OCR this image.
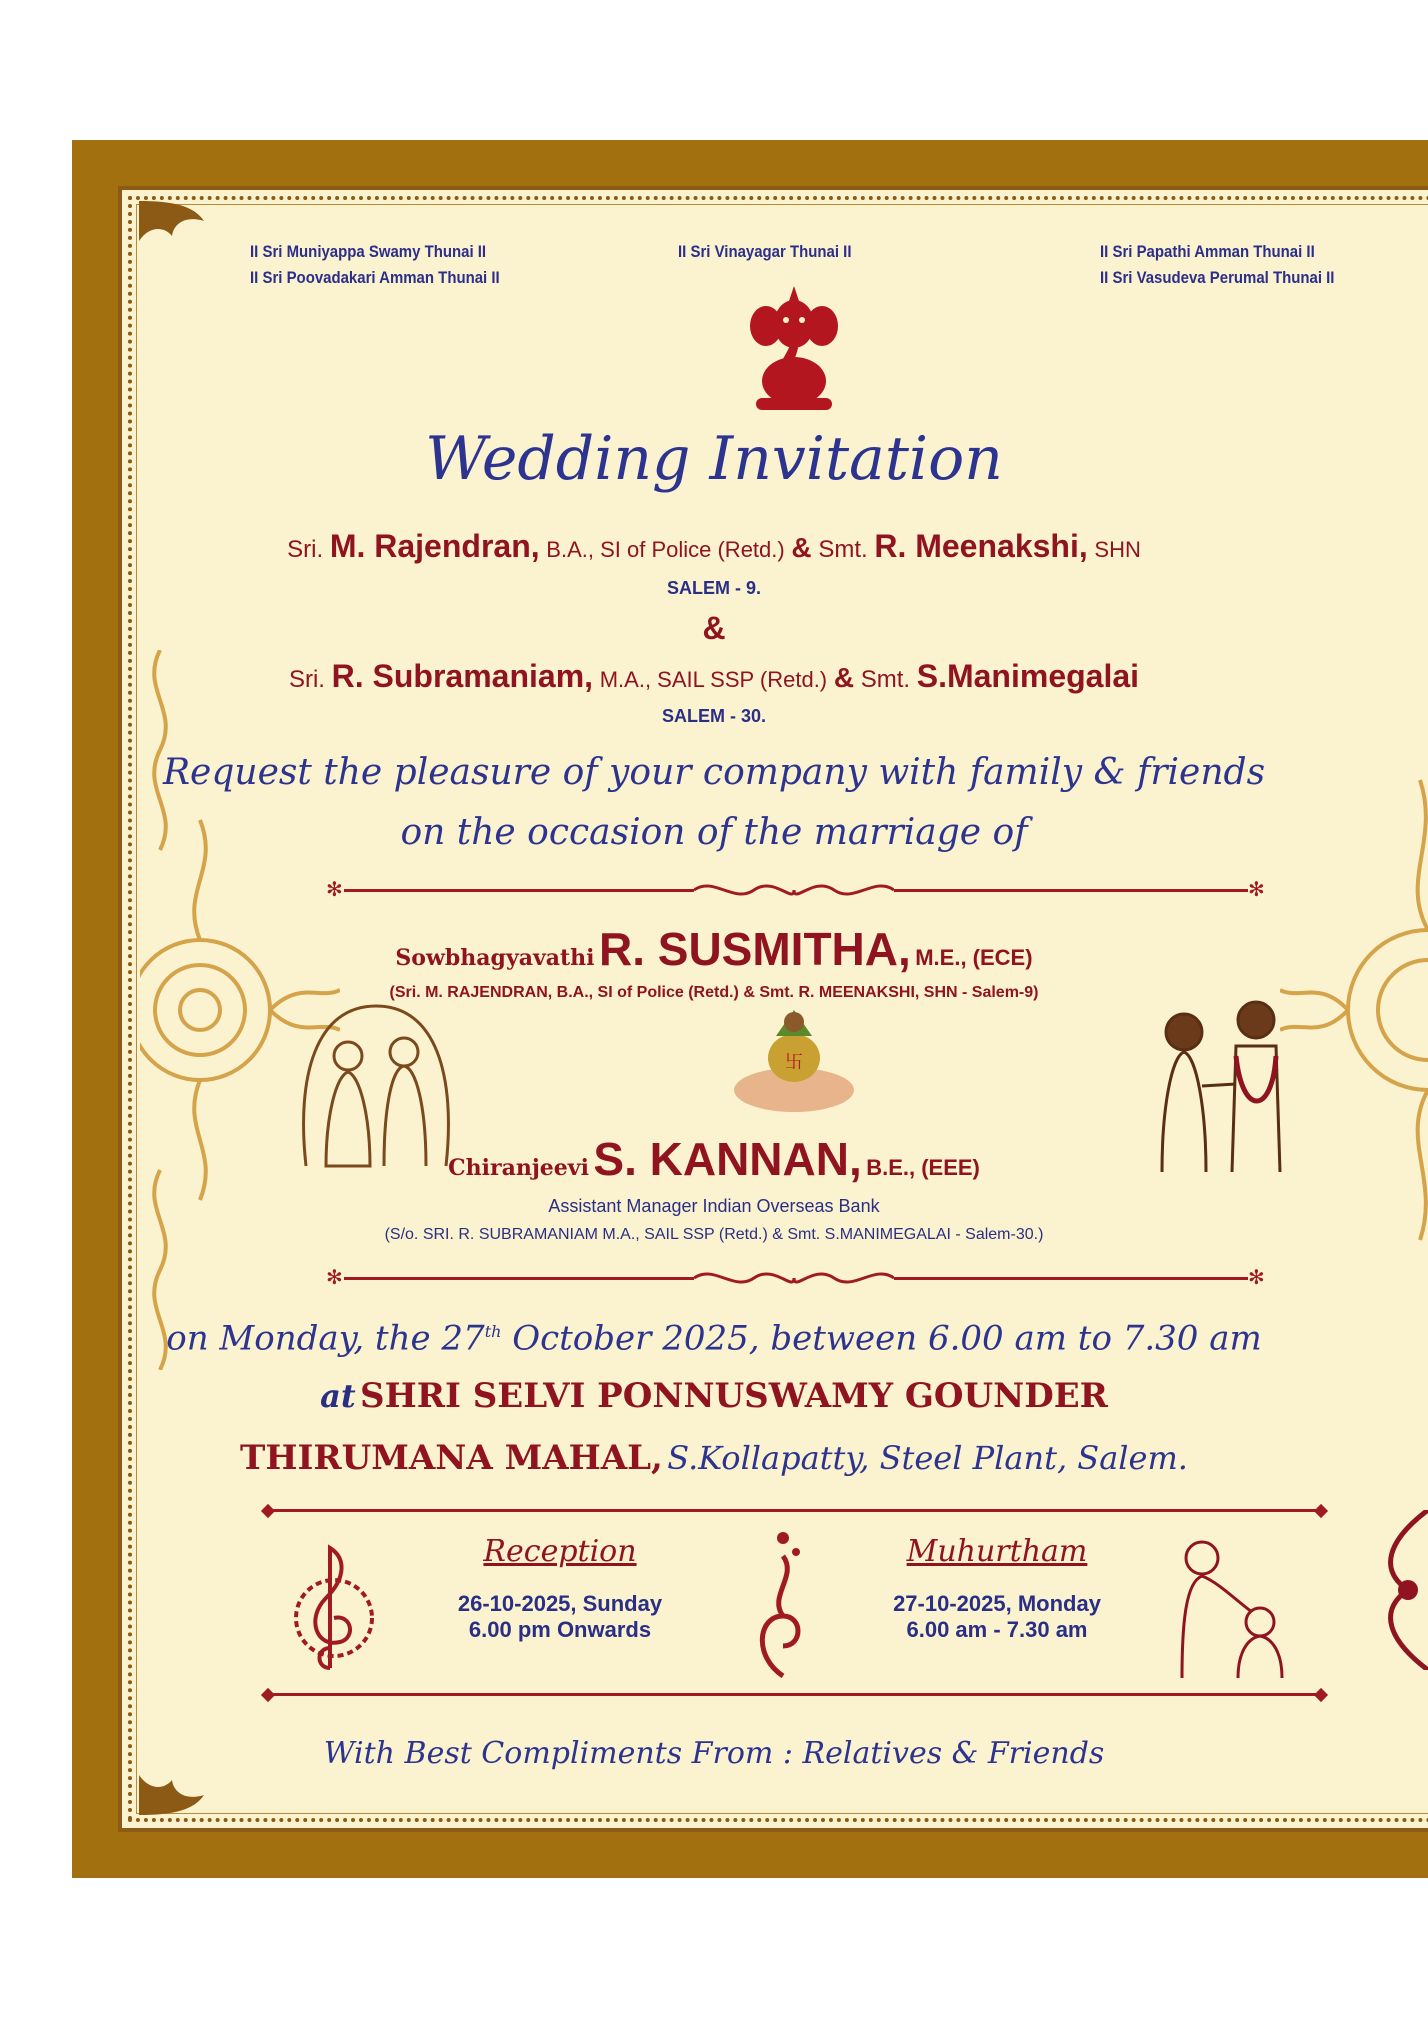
II Sri Muniyappa Swamy Thunai II
II Sri Poovadakari Amman Thunai II
II Sri Vinayagar Thunai II	II Sri Papathi Amman Thunai II
II Sri Vasudeva Perumal Thunai II
Wedding Invitation
Sri. M. Rajendran, B.A., SI of Police (Retd.) & Smt. R. Meenakshi, SHN
SALEM - 9.
&
Sri. R. Subramaniam, M.A., SAIL SSP (Retd.) & Smt. S.Manimegalai
SALEM - 30.
Request the pleasure of your company with family & friends
on the occasion of the marriage of
✻	✻
Sowbhagyavathi R. SUSMITHA, M.E., (ECE)
(Sri. M. RAJENDRAN, B.A., SI of Police (Retd.) & Smt. R. MEENAKSHI, SHN - Salem-9)
卐
Chiranjeevi S. KANNAN, B.E., (EEE)
Assistant Manager Indian Overseas Bank
(S/o. SRI. R. SUBRAMANIAM M.A., SAIL SSP (Retd.) & Smt. S.MANIMEGALAI - Salem-30.)
✻	✻
on Monday, the 27th October 2025, between 6.00 am to 7.30 am
at SHRI SELVI PONNUSWAMY GOUNDER
THIRUMANA MAHAL, S.Kollapatty, Steel Plant, Salem.
Reception
26-10-2025, Sunday
6.00 pm Onwards
Muhurtham
27-10-2025, Monday
6.00 am - 7.30 am
With Best Compliments From : Relatives & Friends
